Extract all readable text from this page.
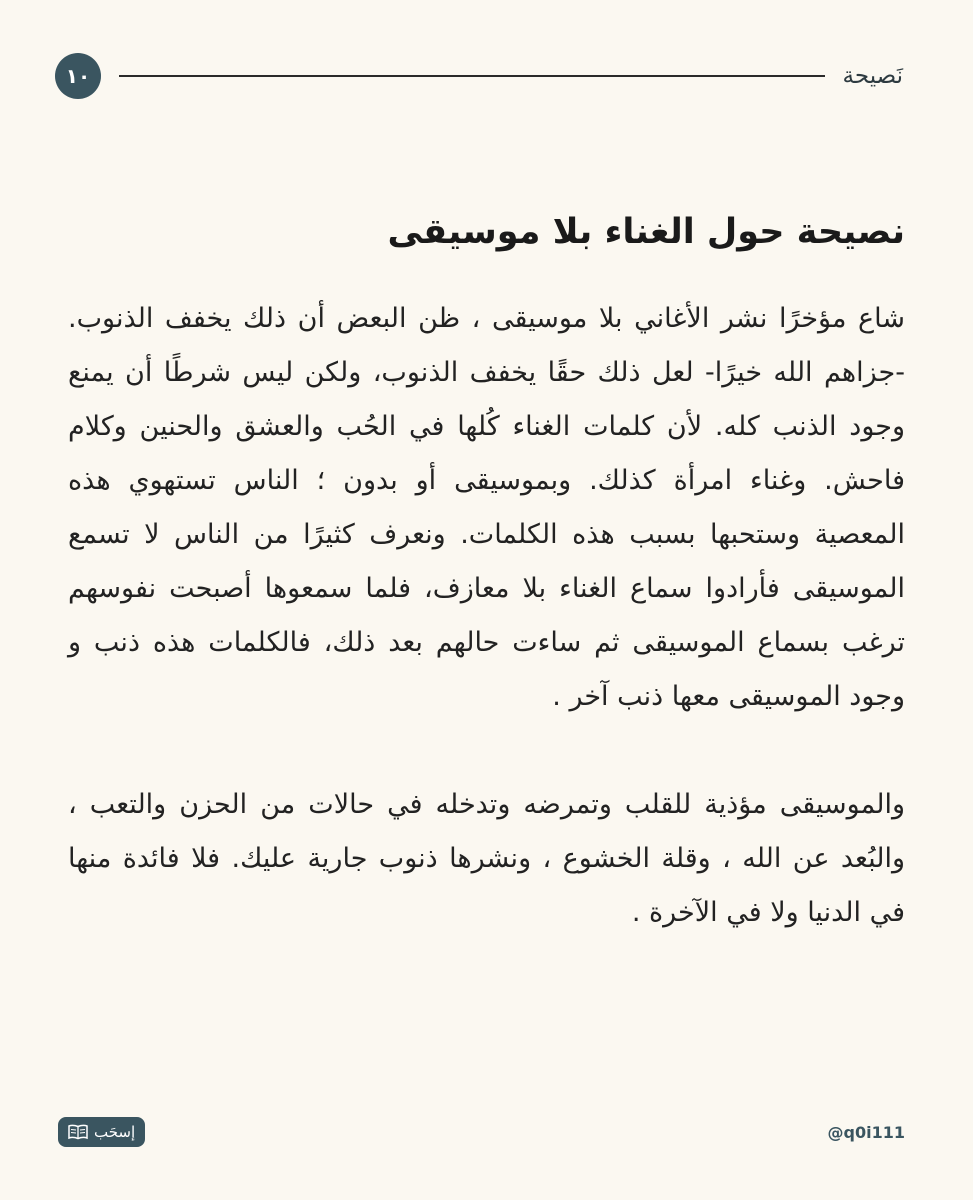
نَصيحة
١٠
نصيحة حول الغناء بلا موسيقى

شاع مؤخرًا نشر الأغاني بلا موسيقى ، ظن البعض أن ذلك يخفف الذنوب. -جزاهم الله خيرًا- لعل ذلك حقًا يخفف الذنوب، ولكن ليس شرطًا أن يمنع وجود الذنب كله. لأن كلمات الغناء كُلها في الحُب والعشق والحنين وكلام فاحش. وغناء امرأة كذلك. وبموسيقى أو بدون ؛ الناس تستهوي هذه المعصية وستحبها بسبب هذه الكلمات. ونعرف كثيرًا من الناس لا تسمع الموسيقى فأرادوا سماع الغناء بلا معازف، فلما سمعوها أصبحت نفوسهم ترغب بسماع الموسيقى ثم ساءت حالهم بعد ذلك، فالكلمات هذه ذنب و وجود الموسيقى معها ذنب آخر .

والموسيقى مؤذية للقلب وتمرضه وتدخله في حالات من الحزن والتعب ، والبُعد عن الله ، وقلة الخشوع ، ونشرها ذنوب جارية عليك. فلا فائدة منها في الدنيا ولا في الآخرة .

إسحَب	@q0i111
